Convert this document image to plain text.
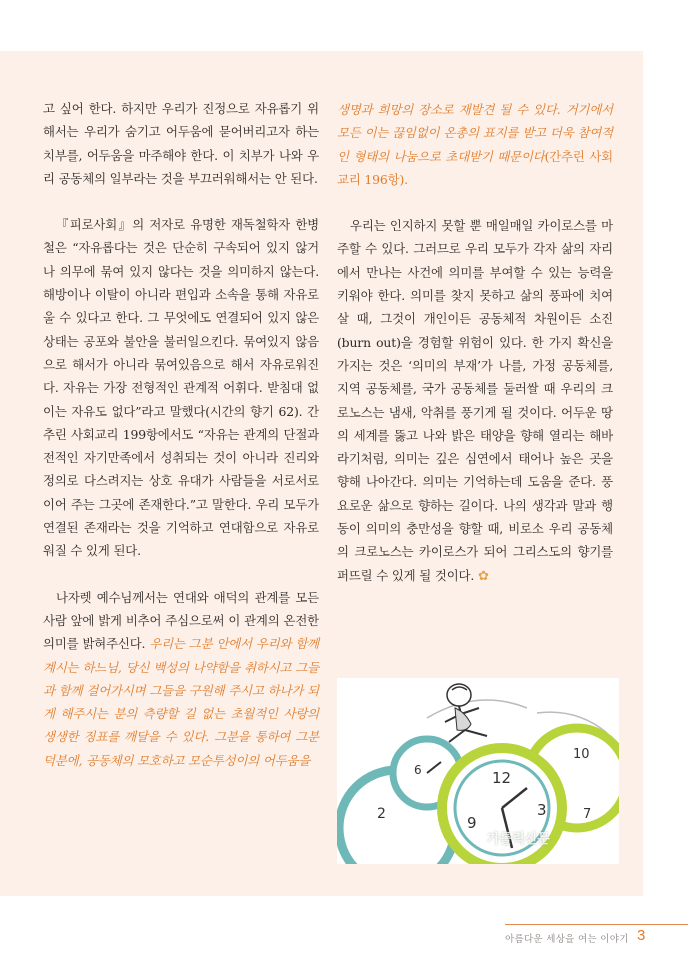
고 싶어 한다. 하지만 우리가 진정으로 자유롭기 위해서는 우리가 숨기고 어두움에 묻어버리고자 하는 치부를, 어두움을 마주해야 한다. 이 치부가 나와 우리 공동체의 일부라는 것을 부끄러워해서는 안 된다.

『피로사회』의 저자로 유명한 재독철학자 한병철은 “자유롭다는 것은 단순히 구속되어 있지 않거나 의무에 묶여 있지 않다는 것을 의미하지 않는다. 해방이나 이탈이 아니라 편입과 소속을 통해 자유로울 수 있다고 한다. 그 무엇에도 연결되어 있지 않은 상태는 공포와 불안을 불러일으킨다. 묶여있지 않음으로 해서가 아니라 묶여있음으로 해서 자유로워진다. 자유는 가장 전형적인 관계적 어휘다. 받침대 없이는 자유도 없다”라고 말했다(시간의 향기 62). 간추린 사회교리 199항에서도 “자유는 관계의 단절과 전적인 자기만족에서 성취되는 것이 아니라 진리와 정의로 다스려지는 상호 유대가 사람들을 서로서로 이어 주는 그곳에 존재한다.”고 말한다. 우리 모두가 연결된 존재라는 것을 기억하고 연대함으로 자유로워질 수 있게 된다.

나자렛 예수님께서는 연대와 애덕의 관계를 모든 사람 앞에 밝게 비추어 주심으로써 이 관계의 온전한 의미를 밝혀주신다. 우리는 그분 안에서 우리와 함께 계시는 하느님, 당신 백성의 나약함을 취하시고 그들과 함께 걸어가시며 그들을 구원해 주시고 하나가 되게 해주시는 분의 측량할 길 없는 초월적인 사랑의 생생한 징표를 깨달을 수 있다. 그분을 통하여 그분 덕분에, 공동체의 모호하고 모순투성이의 어두움을

생명과 희망의 장소로 재발견 될 수 있다. 거기에서 모든 이는 끊임없이 온총의 표지를 받고 더욱 참여적인 형태의 나눔으로 초대받기 때문이다(간추린 사회교리 196항).

우리는 인지하지 못할 뿐 매일매일 카이로스를 마주할 수 있다. 그러므로 우리 모두가 각자 삶의 자리에서 만나는 사건에 의미를 부여할 수 있는 능력을 키워야 한다. 의미를 찾지 못하고 삶의 풍파에 치여 살 때, 그것이 개인이든 공동체적 차원이든 소진(burn out)을 경험할 위험이 있다. 한 가지 확신을 가지는 것은 ‘의미의 부재’가 나를, 가정 공동체를, 지역 공동체를, 국가 공동체를 둘러쌀 때 우리의 크로노스는 냄새, 악취를 풍기게 될 것이다. 어두운 땅의 세계를 뚫고 나와 밝은 태양을 향해 열리는 해바라기처럼, 의미는 깊은 심연에서 태어나 높은 곳을 향해 나아간다. 의미는 기억하는데 도움을 준다. 풍요로운 삶으로 향하는 길이다. 나의 생각과 말과 행동이 의미의 충만성을 향할 때, 비로소 우리 공동체의 크로노스는 카이로스가 되어 그리스도의 향기를 퍼뜨릴 수 있게 될 것이다. ✿

2
6
10
7
12
3
9
가톨릭신문
아름다운 세상을 여는 이야기 3
